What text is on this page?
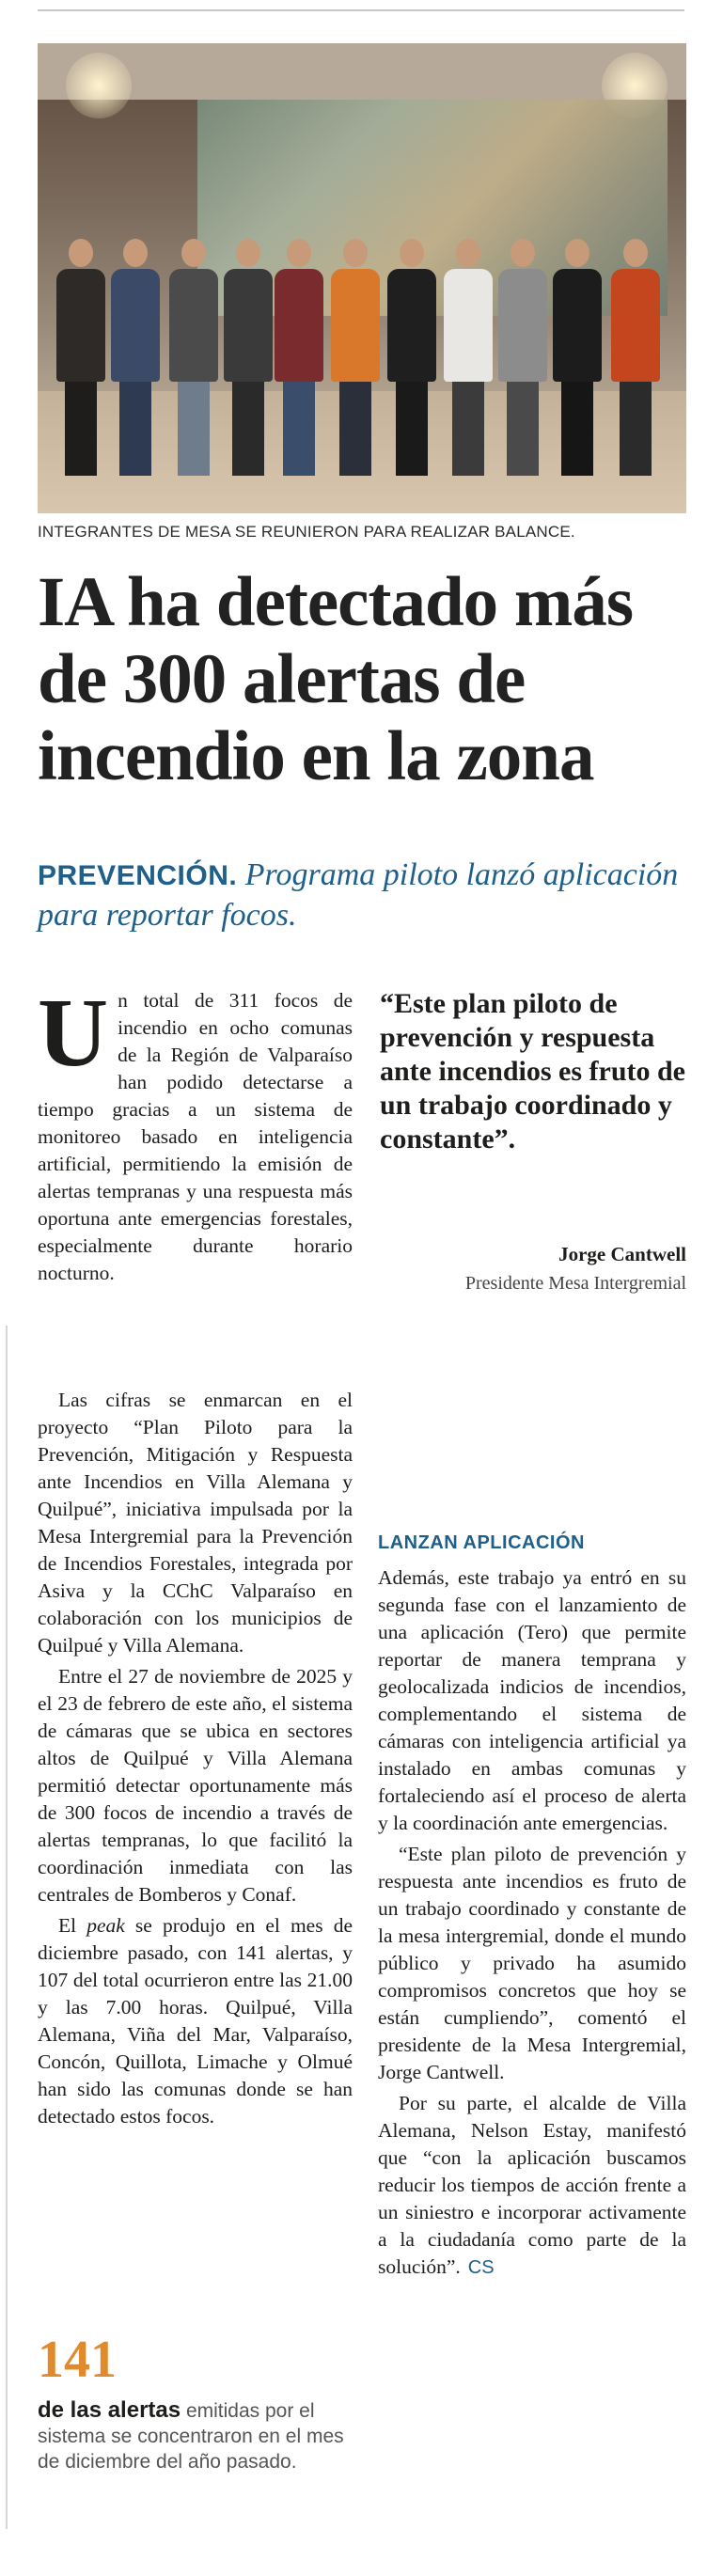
INTEGRANTES DE MESA SE REUNIERON PARA REALIZAR BALANCE.
IA ha detectado más de 300 alertas de incendio en la zona
PREVENCIÓN. Programa piloto lanzó aplicación para reportar focos.

Un total de 311 focos de incendio en ocho comunas de la Región de Valparaíso han podido detectarse a tiempo gracias a un sistema de monitoreo basado en inteligencia artificial, permitiendo la emisión de alertas tempranas y una respuesta más oportuna ante emergencias forestales, especialmente durante horario nocturno.

Las cifras se enmarcan en el proyecto “Plan Piloto para la Prevención, Mitigación y Respuesta ante Incendios en Villa Alemana y Quilpué”, iniciativa impulsada por la Mesa Intergremial para la Prevención de Incendios Forestales, integrada por Asiva y la CChC Valparaíso en colaboración con los municipios de Quilpué y Villa Alemana.

Entre el 27 de noviembre de 2025 y el 23 de febrero de este año, el sistema de cámaras que se ubica en sectores altos de Quilpué y Villa Alemana permitió detectar oportunamente más de 300 focos de incendio a través de alertas tempranas, lo que facilitó la coordinación inmediata con las centrales de Bomberos y Conaf.

El peak se produjo en el mes de diciembre pasado, con 141 alertas, y 107 del total ocurrieron entre las 21.00 y las 7.00 horas. Quilpué, Villa Alemana, Viña del Mar, Valparaíso, Concón, Quillota, Limache y Olmué han sido las comunas donde se han detectado estos focos.

“Este plan piloto de prevención y respuesta ante incendios es fruto de un trabajo coordinado y constante”.
Jorge Cantwell
Presidente Mesa Intergremial
LANZAN APLICACIÓN

Además, este trabajo ya entró en su segunda fase con el lanzamiento de una aplicación (Tero) que permite reportar de manera temprana y geolocalizada indicios de incendios, complementando el sistema de cámaras con inteligencia artificial ya instalado en ambas comunas y fortaleciendo así el proceso de alerta y la coordinación ante emergencias.

“Este plan piloto de prevención y respuesta ante incendios es fruto de un trabajo coordinado y constante de la mesa intergremial, donde el mundo público y privado ha asumido compromisos concretos que hoy se están cumpliendo”, comentó el presidente de la Mesa Intergremial, Jorge Cantwell.

Por su parte, el alcalde de Villa Alemana, Nelson Estay, manifestó que “con la aplicación buscamos reducir los tiempos de acción frente a un siniestro e incorporar activamente a la ciudadanía como parte de la solución”. CS

141
de las alertas emitidas por el sistema se concentraron en el mes de diciembre del año pasado.
